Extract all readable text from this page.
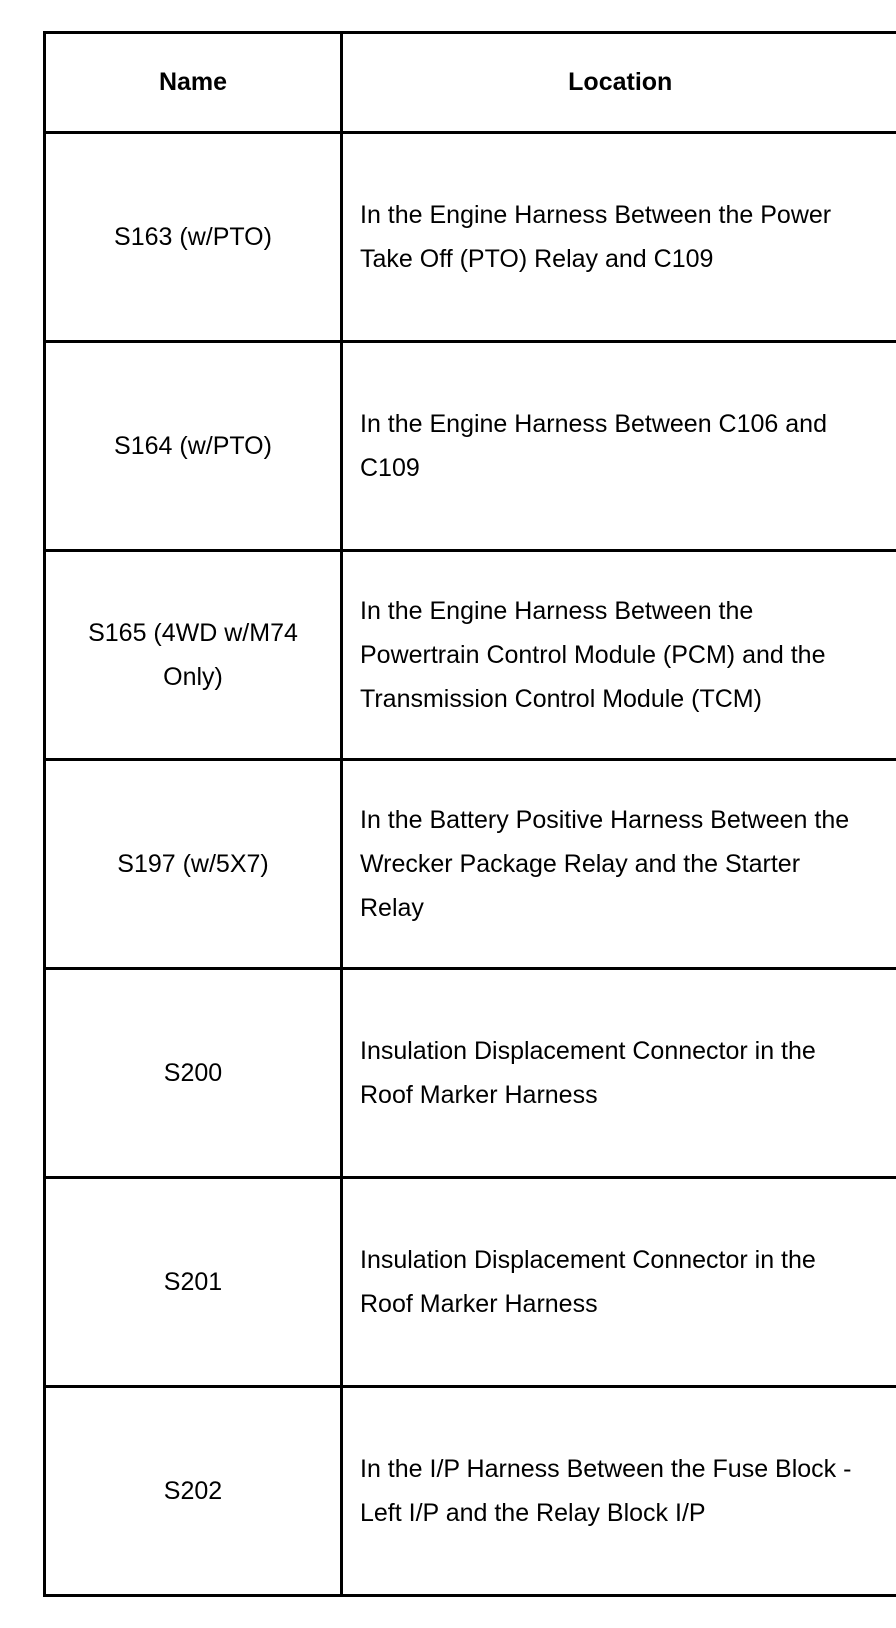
Name	Location

S163 (w/PTO)	In the Engine Harness Between the Power Take Off (PTO) Relay and C109

S164 (w/PTO)	In the Engine Harness Between C106 and C109

S165 (4WD w/M74 Only)	In the Engine Harness Between the Powertrain Control Module (PCM) and the Transmission Control Module (TCM)

S197 (w/5X7)	In the Battery Positive Harness Between the Wrecker Package Relay and the Starter Relay

S200	Insulation Displacement Connector in the Roof Marker Harness

S201	Insulation Displacement Connector in the Roof Marker Harness

S202	In the I/P Harness Between the Fuse Block - Left I/P and the Relay Block I/P
